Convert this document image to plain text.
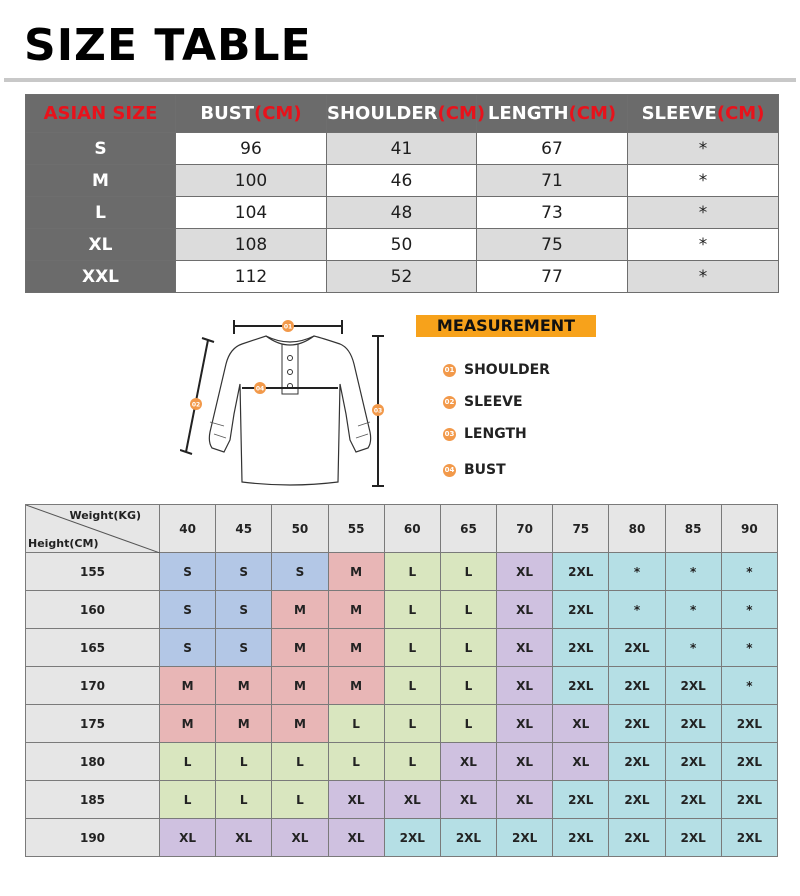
SIZE TABLE
ASIAN SIZE	BUST(CM)	SHOULDER(CM)	LENGTH(CM)	SLEEVE(CM)
S	96	41	67	*
M	100	46	71	*
L	104	48	73	*
XL	108	50	75	*
XXL	112	52	77	*
01
04
02
03
MEASUREMENT
01 SHOULDER
02 SLEEVE
03 LENGTH
04 BUST
Weight(KG)
Height(CM)	40	45	50	55	60	65	70	75	80	85	90
155	S	S	S	M	L	L	XL	2XL	*	*	*
160	S	S	M	M	L	L	XL	2XL	*	*	*
165	S	S	M	M	L	L	XL	2XL	2XL	*	*
170	M	M	M	M	L	L	XL	2XL	2XL	2XL	*
175	M	M	M	L	L	L	XL	XL	2XL	2XL	2XL
180	L	L	L	L	L	XL	XL	XL	2XL	2XL	2XL
185	L	L	L	XL	XL	XL	XL	2XL	2XL	2XL	2XL
190	XL	XL	XL	XL	2XL	2XL	2XL	2XL	2XL	2XL	2XL
